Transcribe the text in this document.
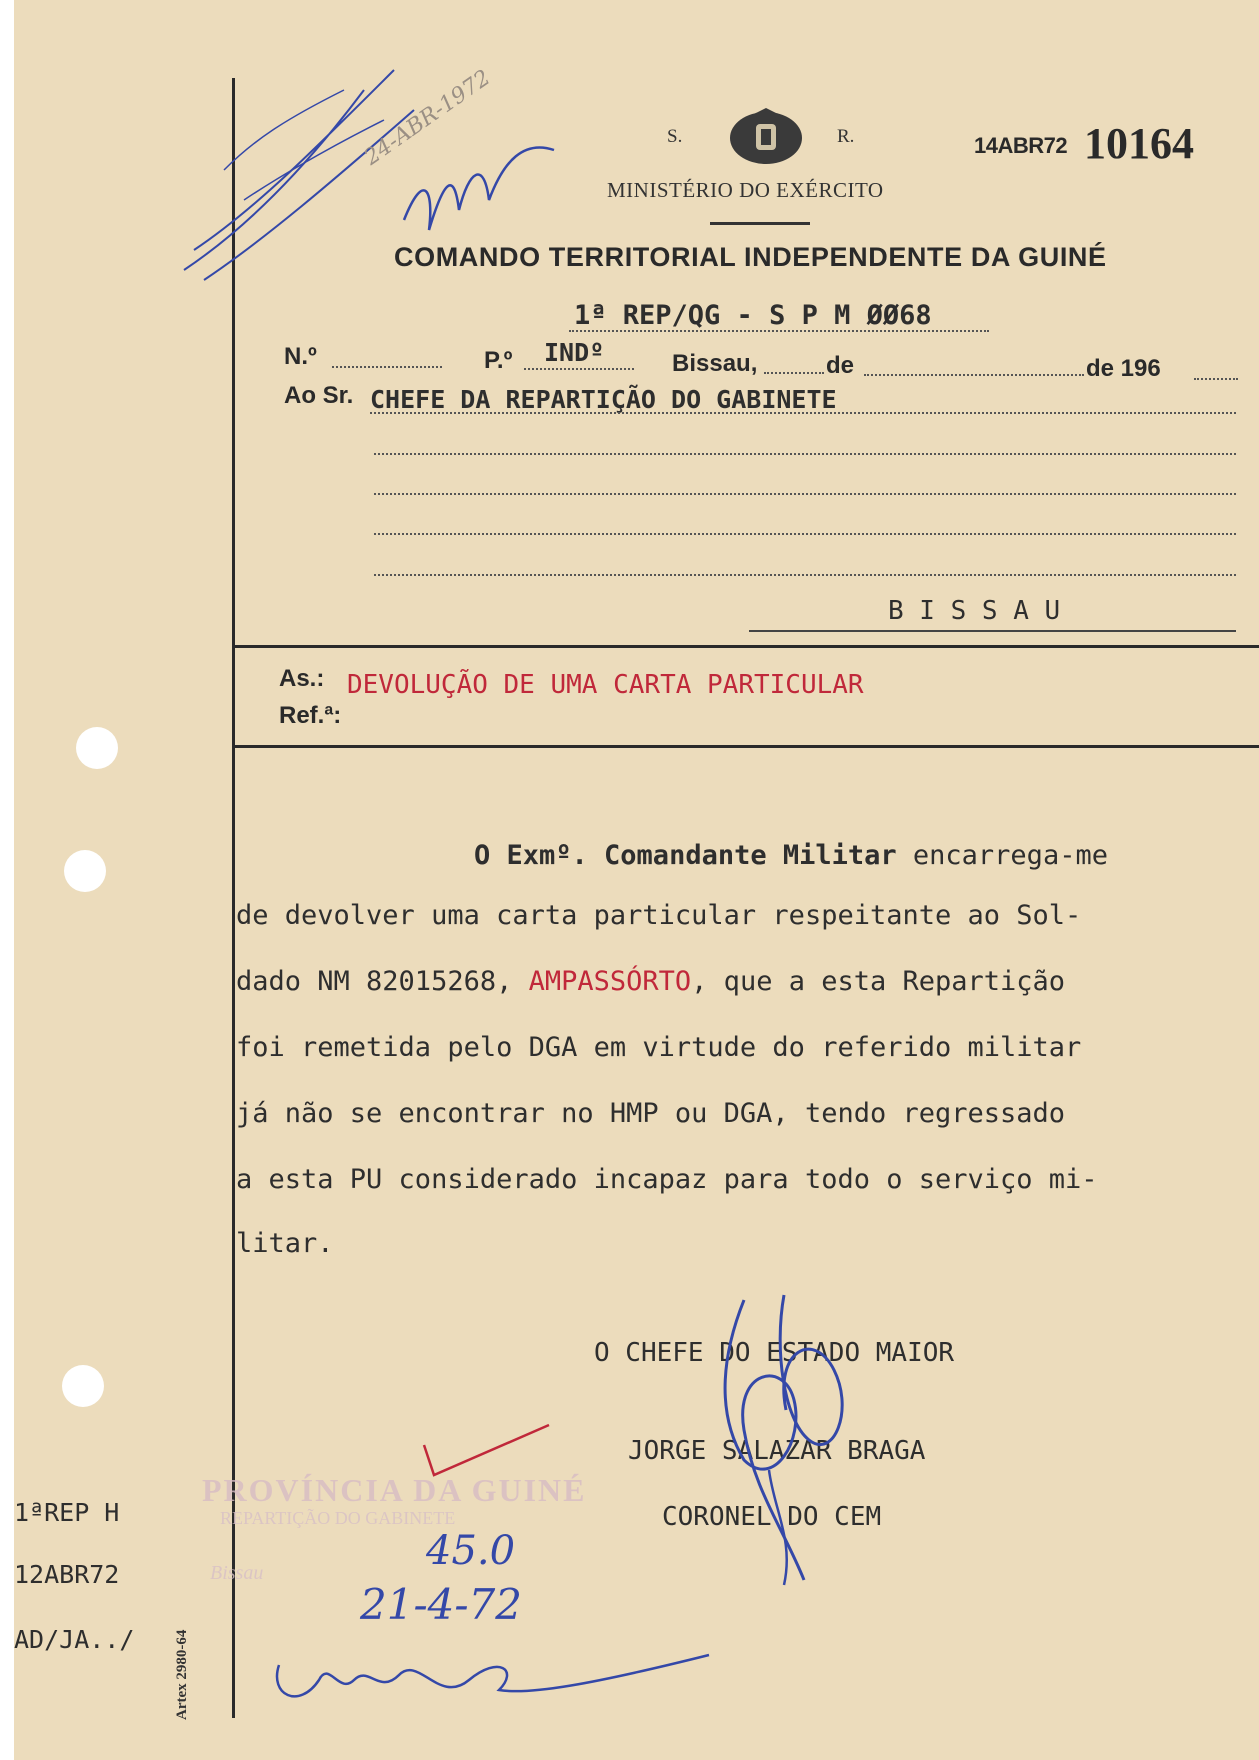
S.	R.
MINISTÉRIO DO EXÉRCITO
14ABR72 10164
COMANDO TERRITORIAL INDEPENDENTE DA GUINÉ
1ª REP/QG - S P M ØØ68
N.º	P.º INDº	Bissau,	de	de 196
Ao Sr. CHEFE DA REPARTIÇÃO DO GABINETE
B I S S A U
As.: DEVOLUÇÃO DE UMA CARTA PARTICULAR
Ref.ª:
O Exmº. Comandante Militar encarrega-me
de devolver uma carta particular respeitante ao Sol-
dado NM 82015268, AMPASSÓRTO, que a esta Repartição
foi remetida pelo DGA em virtude do referido militar
já não se encontrar no HMP ou DGA, tendo regressado
a esta PU considerado incapaz para todo o serviço mi-
litar.
O CHEFE DO ESTADO MAIOR
JORGE SALAZAR BRAGA
CORONEL DO CEM
PROVÍNCIA DA GUINÉ
REPARTIÇÃO DO GABINETE
Bissau
24-ABR-1972
45.0
21-4-72
1ªREP H
12ABR72
AD/JA../	Artex 2980-64
